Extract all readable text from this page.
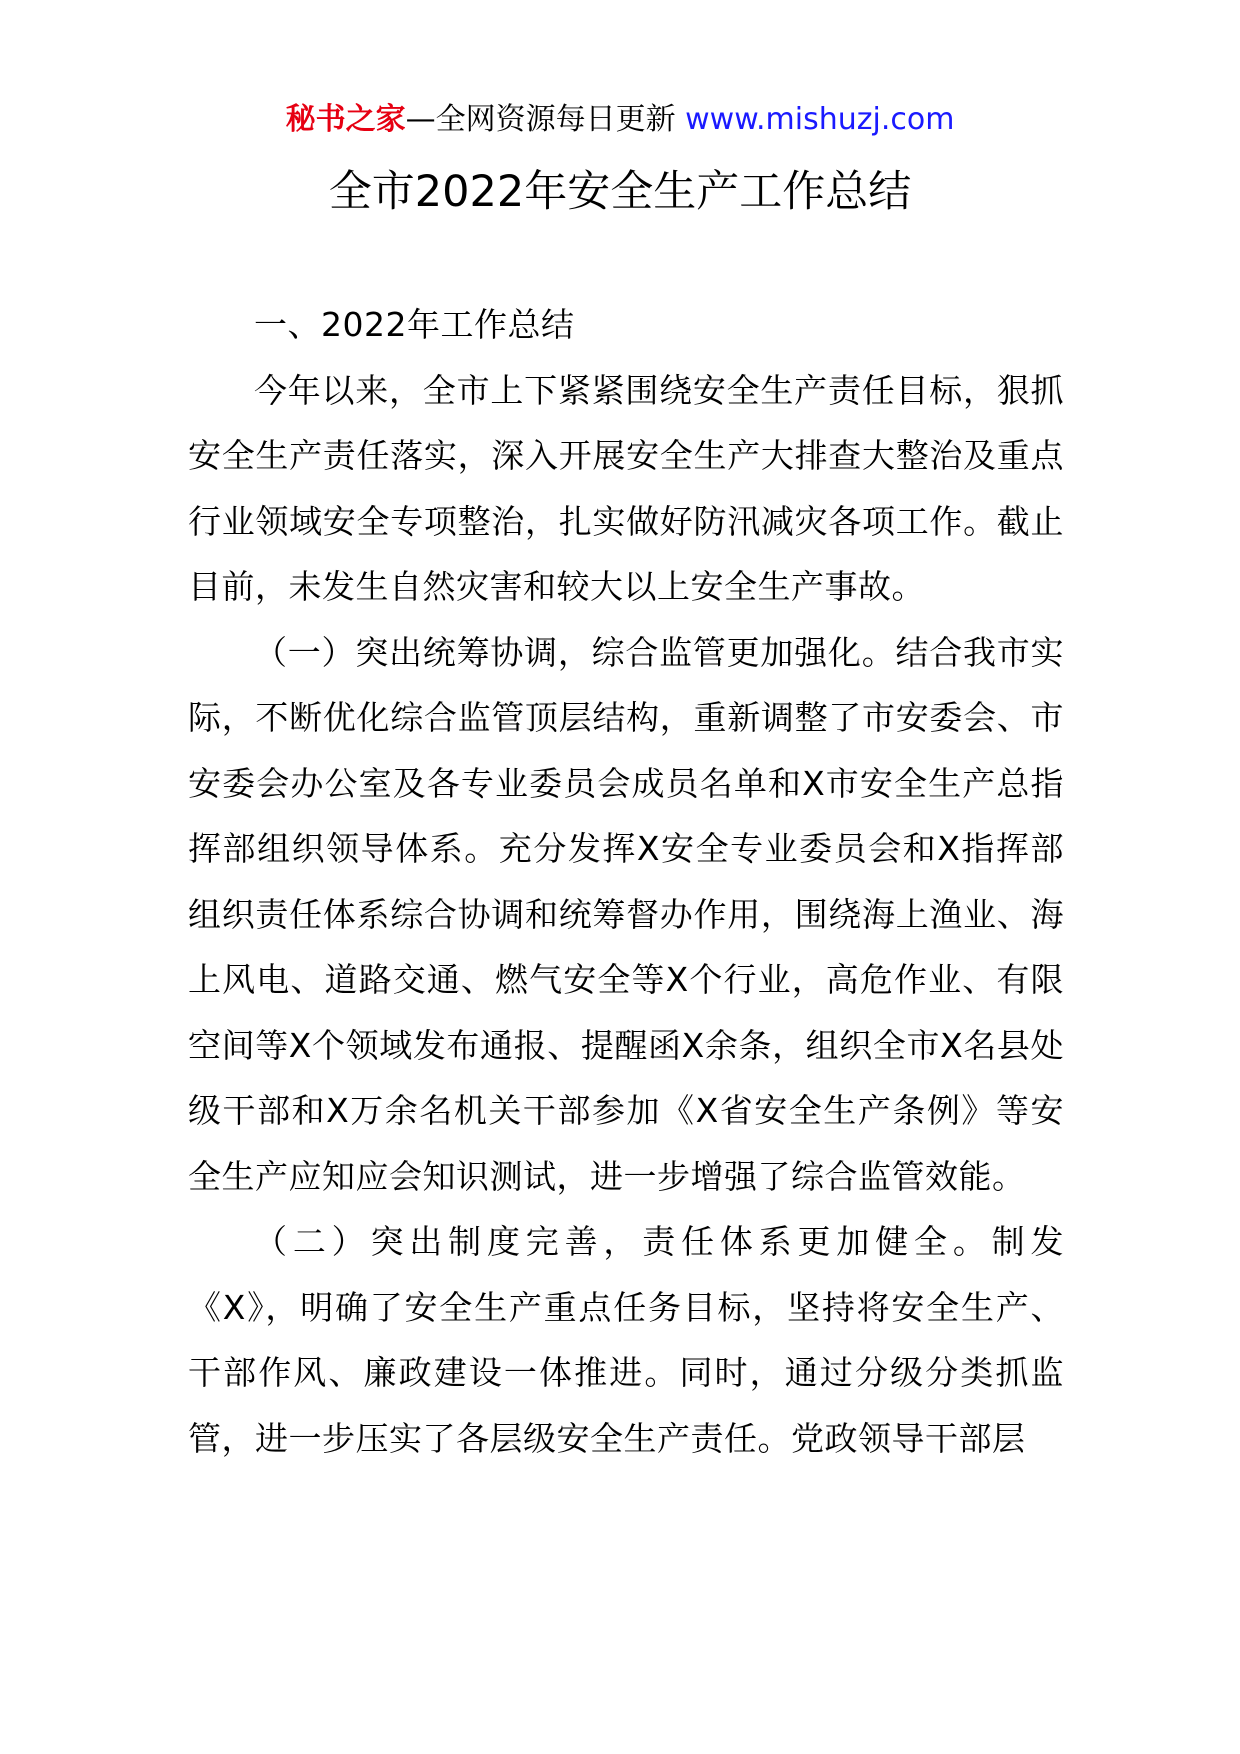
秘书之家—全网资源每日更新 www.mishuzj.com
全市2022年安全生产工作总结

一、2022年工作总结

今年以来，全市上下紧紧围绕安全生产责任目标，狠抓安全生产责任落实，深入开展安全生产大排查大整治及重点行业领域安全专项整治，扎实做好防汛减灾各项工作。截止目前，未发生自然灾害和较大以上安全生产事故。

（一）突出统筹协调，综合监管更加强化。结合我市实际，不断优化综合监管顶层结构，重新调整了市安委会、市安委会办公室及各专业委员会成员名单和X市安全生产总指挥部组织领导体系。充分发挥X安全专业委员会和X指挥部组织责任体系综合协调和统筹督办作用，围绕海上渔业、海上风电、道路交通、燃气安全等X个行业，高危作业、有限空间等X个领域发布通报、提醒函X余条，组织全市X名县处级干部和X万余名机关干部参加《X省安全生产条例》等安全生产应知应会知识测试，进一步增强了综合监管效能。

（二）突出制度完善，责任体系更加健全。制发《X》，明确了安全生产重点任务目标，坚持将安全生产、干部作风、廉政建设一体推进。同时，通过分级分类抓监管，进一步压实了各层级安全生产责任。党政领导干部层
